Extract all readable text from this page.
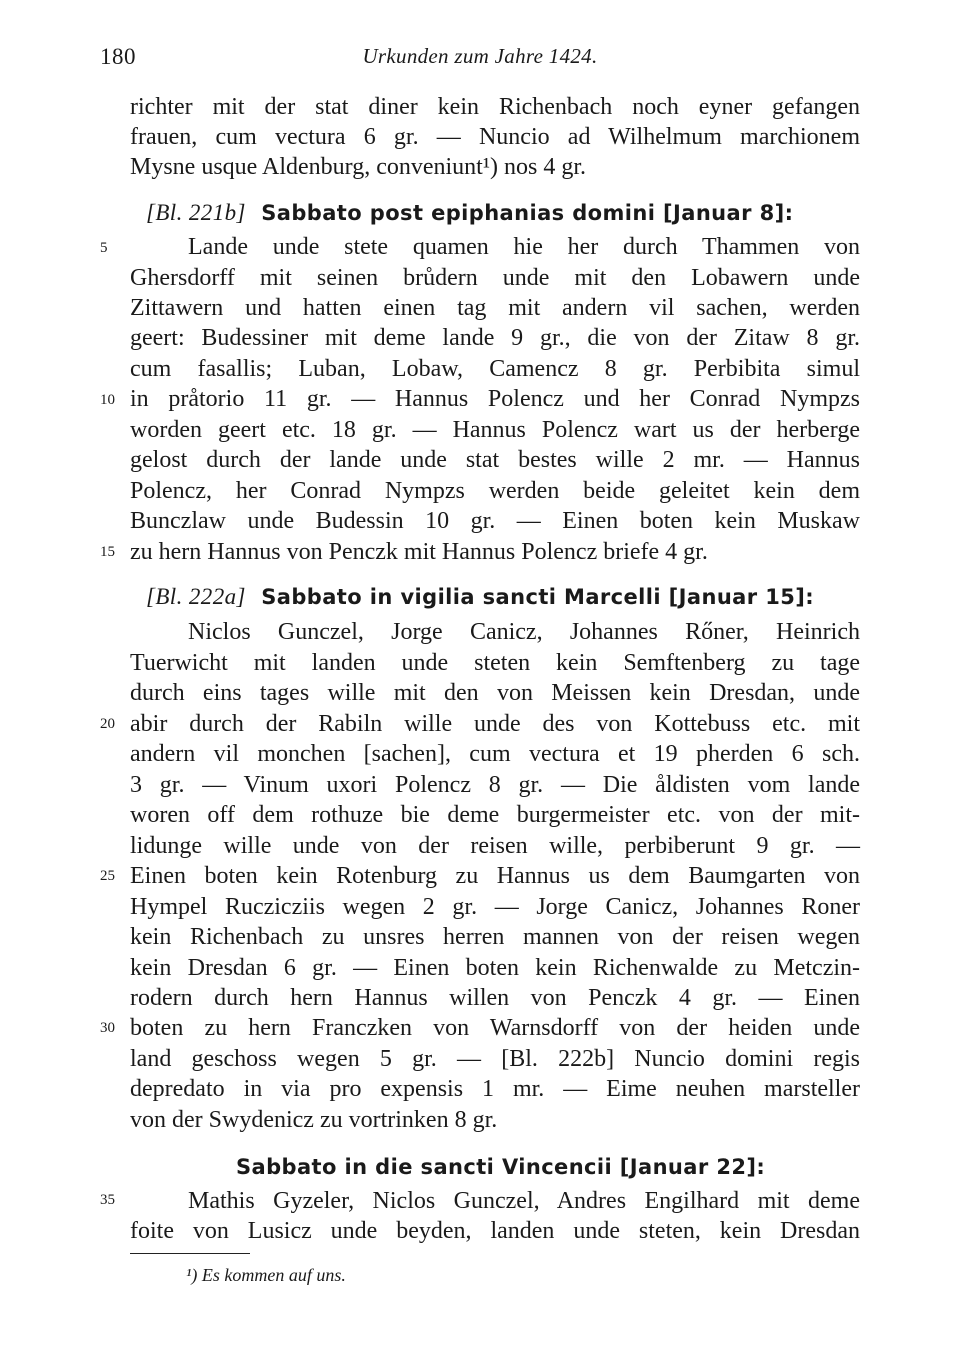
180	Urkunden zum Jahre 1424.
5
10
15
20
25
30
35
richter mit der stat diner kein Richenbach noch eyner gefangen
frauen, cum vectura 6 gr. — Nuncio ad Wilhelmum marchionem
Mysne usque Aldenburg, conveniunt¹) nos 4 gr.
[Bl. 221b] Sabbato post epiphanias domini [Januar 8]:
Lande unde stete quamen hie her durch Thammen von
Ghersdorff mit seinen brůdern unde mit den Lobawern unde
Zittawern und hatten einen tag mit andern vil sachen, werden
geert: Budessiner mit deme lande 9 gr., die von der Zitaw 8 gr.
cum fasallis; Luban, Lobaw, Camencz 8 gr. Perbibita simul
in pråtorio 11 gr. — Hannus Polencz und her Conrad Nympzs
worden geert etc. 18 gr. — Hannus Polencz wart us der herberge
gelost durch der lande unde stat bestes wille 2 mr. — Hannus
Polencz, her Conrad Nympzs werden beide geleitet kein dem
Bunczlaw unde Budessin 10 gr. — Einen boten kein Muskaw
zu hern Hannus von Penczk mit Hannus Polencz briefe 4 gr.
[Bl. 222a] Sabbato in vigilia sancti Marcelli [Januar 15]:
Niclos Gunczel, Jorge Canicz, Johannes Rőner, Heinrich
Tuerwicht mit landen unde steten kein Semftenberg zu tage
durch eins tages wille mit den von Meissen kein Dresdan, unde
abir durch der Rabiln wille unde des von Kottebuss etc. mit
andern vil monchen [sachen], cum vectura et 19 pherden 6 sch.
3 gr. — Vinum uxori Polencz 8 gr. — Die åldisten vom lande
woren off dem rothuze bie deme burgermeister etc. von der mit-
lidunge wille unde von der reisen wille, perbiberunt 9 gr. —
Einen boten kein Rotenburg zu Hannus us dem Baumgarten von
Hympel Ruczicziis wegen 2 gr. — Jorge Canicz, Johannes Roner
kein Richenbach zu unsres herren mannen von der reisen wegen
kein Dresdan 6 gr. — Einen boten kein Richenwalde zu Metczin-
rodern durch hern Hannus willen von Penczk 4 gr. — Einen
boten zu hern Franczken von Warnsdorff von der heiden unde
land geschoss wegen 5 gr. — [Bl. 222b] Nuncio domini regis
depredato in via pro expensis 1 mr. — Eime neuhen marsteller
von der Swydenicz zu vortrinken 8 gr.
Sabbato in die sancti Vincencii [Januar 22]:
Mathis Gyzeler, Niclos Gunczel, Andres Engilhard mit deme
foite von Lusicz unde beyden, landen unde steten, kein Dresdan
¹) Es kommen auf uns.
